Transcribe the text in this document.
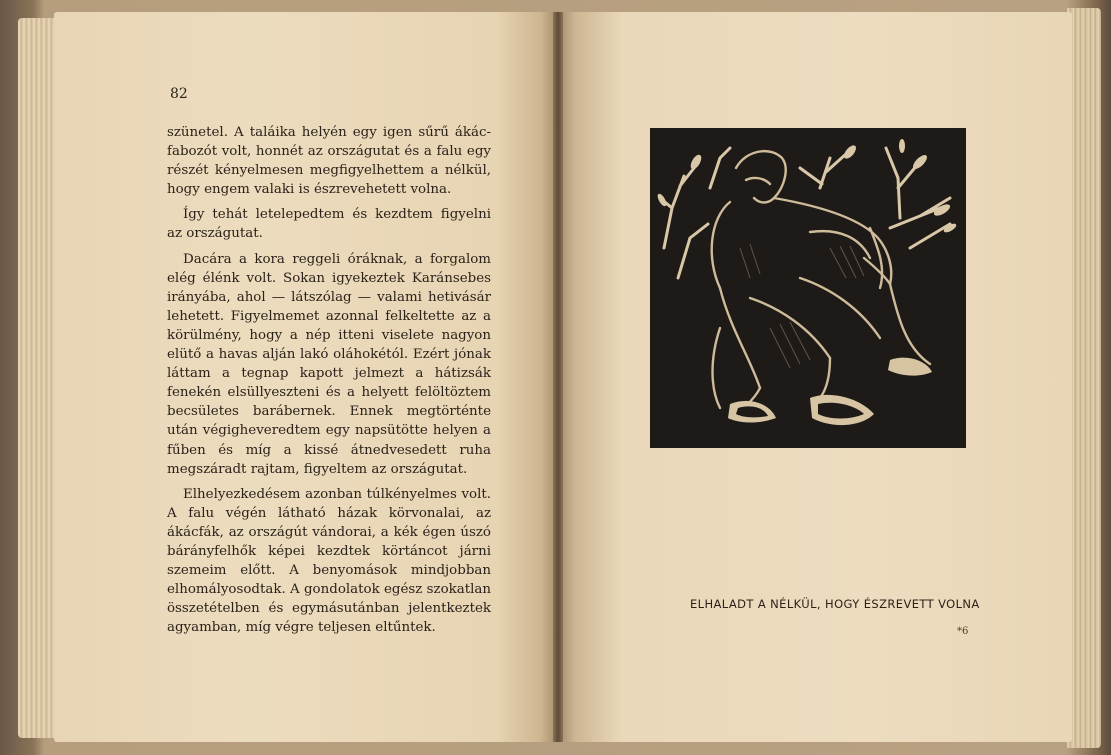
82

szünetel. A taláika helyén egy igen sűrű ákác-fabozót volt, honnét az országutat és a falu egy részét kényelmesen megfigyelhettem a nélkül, hogy engem valaki is észrevehetett volna.

Így tehát letelepedtem és kezdtem figyelni az országutat.

Dacára a kora reggeli óráknak, a forgalom elég élénk volt. Sokan igyekeztek Karánsebes irányába, ahol — látszólag — valami hetivásár lehetett. Figyelmemet azonnal felkeltette az a körülmény, hogy a nép itteni viselete nagyon elütő a havas alján lakó oláhokétól. Ezért jónak láttam a tegnap kapott jelmezt a hátizsák fenekén elsüllyeszteni és a helyett felöltöztem becsületes barábernek. Ennek megtörténte után végigheveredtem egy napsütötte helyen a fűben és míg a kissé átnedvesedett ruha megszáradt rajtam, figyeltem az országutat.

Elhelyezkedésem azonban túlkényelmes volt. A falu végén látható házak körvonalai, az ákácfák, az országút vándorai, a kék égen úszó bárányfelhők képei kezdtek körtáncot járni szemeim előtt. A benyomások mindjobban elhomályosodtak. A gondolatok egész szokatlan összetételben és egymásutánban jelentkeztek agyamban, míg végre teljesen eltűntek.

ELHALADT A NÉLKÜL, HOGY ÉSZREVETT VOLNA
*6
